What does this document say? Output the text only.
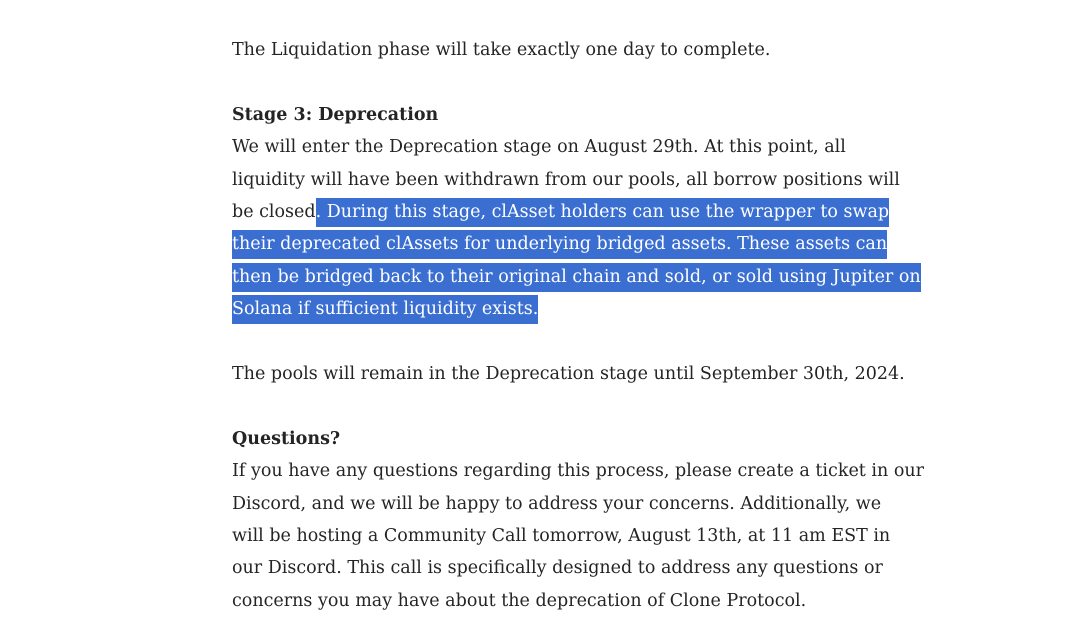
The Liquidation phase will take exactly one day to complete.

Stage 3: Deprecation
We will enter the Deprecation stage on August 29th. At this point, all
liquidity will have been withdrawn from our pools, all borrow positions will
be closed. During this stage, clAsset holders can use the wrapper to swap
their deprecated clAssets for underlying bridged assets. These assets can
then be bridged back to their original chain and sold, or sold using Jupiter on
Solana if sufficient liquidity exists.

The pools will remain in the Deprecation stage until September 30th, 2024.

Questions?
If you have any questions regarding this process, please create a ticket in our
Discord, and we will be happy to address your concerns. Additionally, we
will be hosting a Community Call tomorrow, August 13th, at 11 am EST in
our Discord. This call is specifically designed to address any questions or
concerns you may have about the deprecation of Clone Protocol.
